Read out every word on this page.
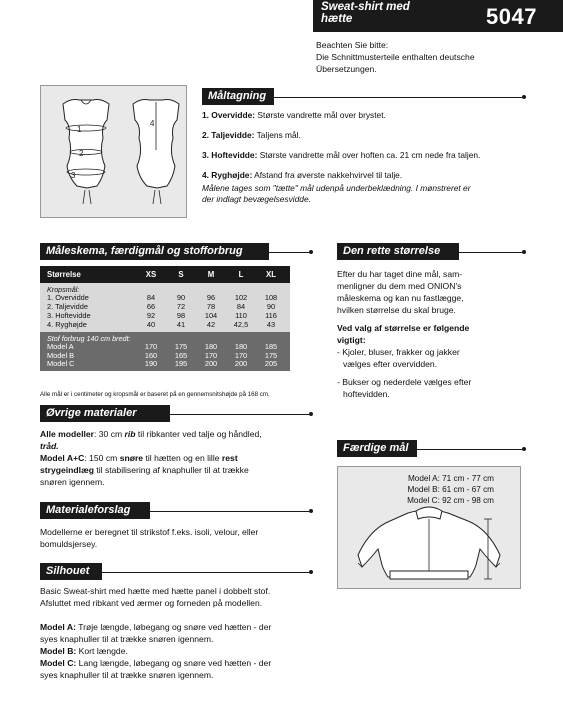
Sweat-shirt med hætte	5047
Beachten Sie bitte:
Die Schnittmusterteile enthalten deutsche
Übersetzungen.
Måltagning
1
2
3
4

1. Overvidde: Største vandrette mål over brystet.

2. Taljevidde: Taljens mål.

3. Hoftevidde: Største vandrette mål over hoften ca. 21 cm nede fra taljen.

4. Ryghøjde: Afstand fra øverste nakkehvirvel til talje.

Målene tages som "tætte" mål udenpå underbeklædning. I mønstreret er
der indlagt bevægelsesvidde.
Måleskema, færdigmål og stofforbrug
Størrelse	XS	S	M	L	XL
Kropsmål:
1. Overvidde	84	90	96	102	108
2. Taljevidde	66	72	78	84	90
3. Hoftevidde	92	98	104	110	116
4. Ryghøjde	40	41	42	42,5	43
Stof forbrug 140 cm bredt:
Model A	170	175	180	180	185
Model B	160	165	170	170	175
Model C	190	195	200	200	205
Alle mål er i centimeter og kropsmål er baseret på en gennemsnitshøjde på 168 cm.
Øvrige materialer
Alle modeller: 30 cm rib til ribkanter ved talje og håndled,
tråd.
Model A+C: 150 cm snøre til hætten og en lille rest
strygeindlæg til stabilisering af knaphuller til at trække
snøren igennem.
Materialeforslag
Modellerne er beregnet til strikstof f.eks. isoli, velour, eller
bomuldsjersey.
Silhouet
Basic Sweat-shirt med hætte med hætte panel i dobbelt stof.
Afsluttet med ribkant ved ærmer og forneden på modellen.
Model A: Trøje længde, løbegang og snøre ved hætten - der
syes knaphuller til at trække snøren igennem.
Model B: Kort længde.
Model C: Lang længde, løbegang og snøre ved hætten - der
syes knaphuller til at trække snøren igennem.
Den rette størrelse
Efter du har taget dine mål, sam-
menligner du dem med ONION's
måleskema og kan nu fastlægge,
hvilken størrelse du skal bruge.
Ved valg af størrelse er følgende
vigtigt:
- Kjoler, bluser, frakker og jakker
vælges efter overvidden.
- Bukser og nederdele vælges efter
hoftevidden.
Færdige mål
Model A: 71 cm - 77 cm
Model B: 61 cm - 67 cm
Model C: 92 cm - 98 cm
